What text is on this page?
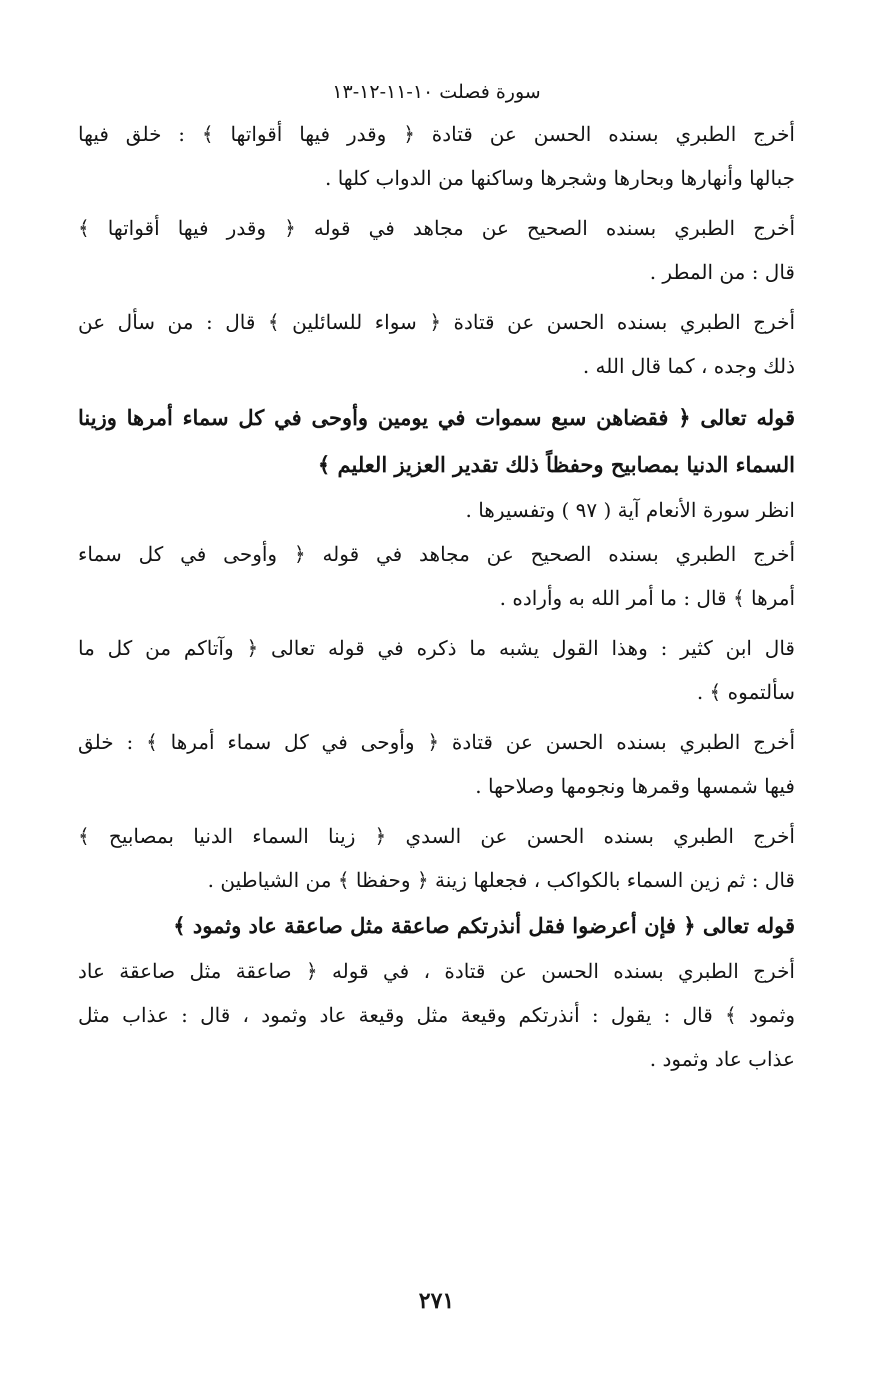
سورة فصلت ١٠-١١-١٢-١٣
أخرج الطبري بسنده الحسن عن قتادة ﴿ وقدر فيها أقواتها ﴾ : خلق فيها
جبالها وأنهارها وبحارها وشجرها وساكنها من الدواب كلها .
أخرج الطبري بسنده الصحيح عن مجاهد في قوله ﴿ وقدر فيها أقواتها ﴾
قال : من المطر .
أخرج الطبري بسنده الحسن عن قتادة ﴿ سواء للسائلين ﴾ قال : من سأل عن
ذلك وجده ، كما قال الله .
قوله تعالى ﴿ فقضاهن سبع سموات في يومين وأوحى في كل سماء أمرها وزينا
السماء الدنيا بمصابيح وحفظاً ذلك تقدير العزيز العليم ﴾
انظر سورة الأنعام آية ( ٩٧ ) وتفسيرها .
أخرج الطبري بسنده الصحيح عن مجاهد في قوله ﴿ وأوحى في كل سماء
أمرها ﴾ قال : ما أمر الله به وأراده .
قال ابن كثير : وهذا القول يشبه ما ذكره في قوله تعالى ﴿ وآتاكم من كل ما
سألتموه ﴾ .
أخرج الطبري بسنده الحسن عن قتادة ﴿ وأوحى في كل سماء أمرها ﴾ : خلق
فيها شمسها وقمرها ونجومها وصلاحها .
أخرج الطبري بسنده الحسن عن السدي ﴿ زينا السماء الدنيا بمصابيح ﴾
قال : ثم زين السماء بالكواكب ، فجعلها زينة ﴿ وحفظا ﴾ من الشياطين .
قوله تعالى ﴿ فإن أعرضوا فقل أنذرتكم صاعقة مثل صاعقة عاد وثمود ﴾
أخرج الطبري بسنده الحسن عن قتادة ، في قوله ﴿ صاعقة مثل صاعقة عاد
وثمود ﴾ قال : يقول : أنذرتكم وقيعة مثل وقيعة عاد وثمود ، قال : عذاب مثل
عذاب عاد وثمود .
٢٧١
